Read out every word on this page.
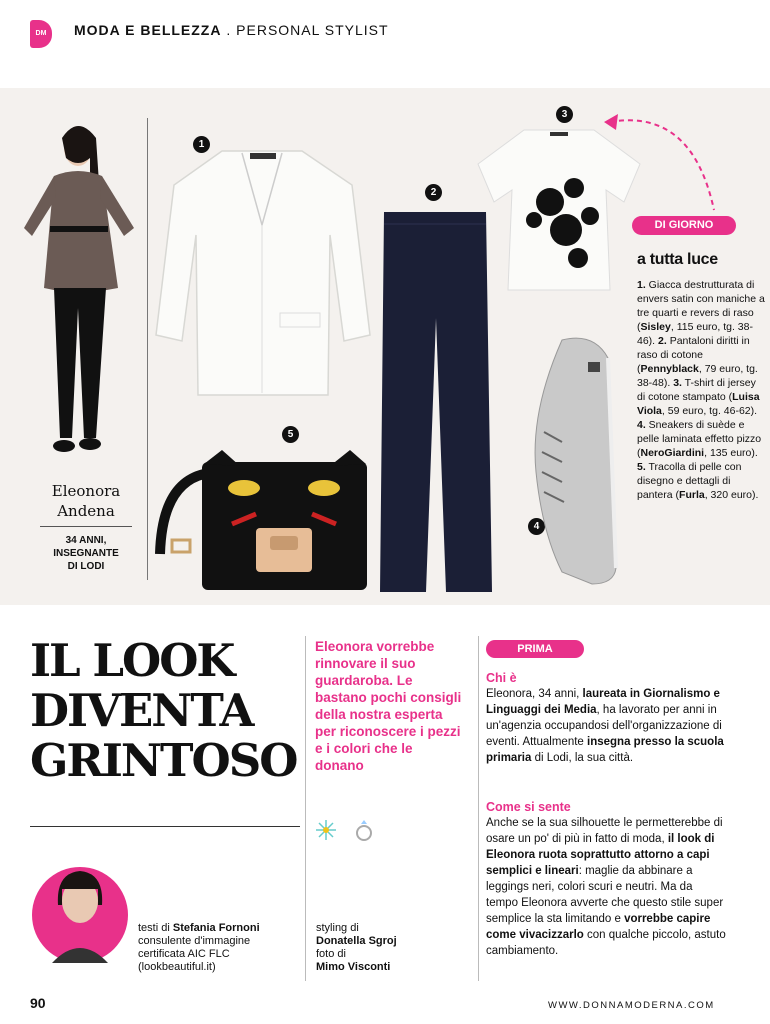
DM MODA E BELLEZZA . PERSONAL STYLIST
Eleonora
Andena
34 ANNI,
INSEGNANTE
DI LODI
1
2
3
4
5
DI GIORNO
a tutta luce
1. Giacca destrutturata di envers satin con maniche a tre quarti e revers di raso (Sisley, 115 euro, tg. 38-46). 2. Pantaloni diritti in raso di cotone (Pennyblack, 79 euro, tg. 38-48). 3. T-shirt di jersey di cotone stampato (Luisa Viola, 59 euro, tg. 46-62). 4. Sneakers di suède e pelle laminata effetto pizzo (NeroGiardini, 135 euro). 5. Tracolla di pelle con disegno e dettagli di pantera (Furla, 320 euro).
IL LOOK
DIVENTA
GRINTOSO
Eleonora vorrebbe rinnovare il suo guardaroba. Le bastano pochi consigli della nostra esperta per riconoscere i pezzi e i colori che le donano
PRIMA
Chi è
Eleonora, 34 anni, laureata in Giornalismo e Linguaggi dei Media, ha lavorato per anni in un'agenzia occupandosi dell'organizzazione di eventi. Attualmente insegna presso la scuola primaria di Lodi, la sua città.
Come si sente
Anche se la sua silhouette le permetterebbe di osare un po' di più in fatto di moda, il look di Eleonora ruota soprattutto attorno a capi semplici e lineari: maglie da abbinare a leggings neri, colori scuri e neutri. Ma da tempo Eleonora avverte che questo stile super semplice la sta limitando e vorrebbe capire come vivacizzarlo con qualche piccolo, astuto cambiamento.
testi di Stefania Fornoni
consulente d'immagine
certificata AIC FLC
(lookbeautiful.it)
styling di
Donatella Sgroj
foto di
Mimo Visconti
90	WWW.DONNAMODERNA.COM
